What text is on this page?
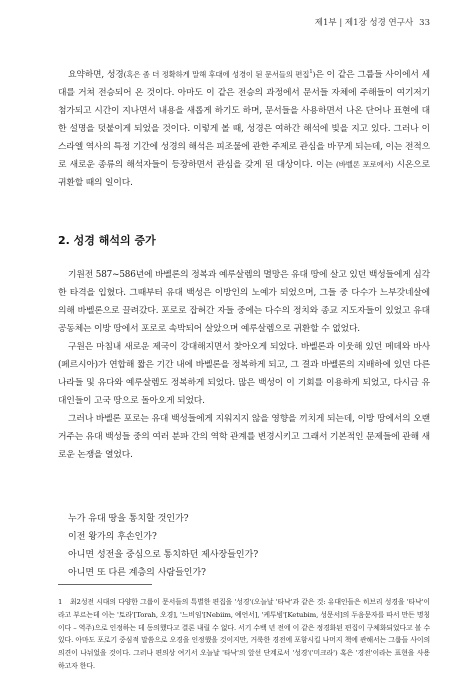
제1부 | 제1장 성경 연구사 33

요약하면, 성경(혹은 좀 더 정확하게 말해 후대에 성경이 된 문서들의 편집$^1$)은 이 같은 그룹들 사이에서 세대를 거쳐 전승되어 온 것이다. 아마도 이 같은 전승의 과정에서 문서들 자체에 주해들이 여기저기 첨가되고 시간이 지나면서 내용을 새롭게 하기도 하며, 문서들을 사용하면서 나온 단어나 표현에 대한 설명을 덧붙이게 되었을 것이다. 이렇게 볼 때, 성경은 여하간 해석에 빚을 지고 있다. 그러나 이스라엘 역사의 특정 기간에 성경의 해석은 피조물에 관한 주제로 관심을 바꾸게 되는데, 이는 전적으로 새로운 종류의 해석자들이 등장하면서 관심을 갖게 된 대상이다. 이는 (바벨론 포로에서) 시온으로 귀환할 때의 일이다.

2. 성경 해석의 증가

기원전 587~586년에 바벨론의 정복과 예루살렘의 멸망은 유대 땅에 살고 있던 백성들에게 심각한 타격을 입혔다. 그때부터 유대 백성은 이방인의 노예가 되었으며, 그들 중 다수가 느부갓네살에 의해 바벨론으로 끌려갔다. 포로로 잡혀간 자들 중에는 다수의 정치와 종교 지도자들이 있었고 유대 공동체는 이방 땅에서 포로로 속박되어 살았으며 예루살렘으로 귀환할 수 없었다.

구원은 마침내 새로운 제국이 강대해지면서 찾아오게 되었다. 바벨론과 이웃해 있던 메데와 바사(페르시아)가 연합해 짧은 기간 내에 바벨론을 정복하게 되고, 그 결과 바벨론의 지배하에 있던 다른 나라들 및 유다와 예루살렘도 정복하게 되었다. 많은 백성이 이 기회를 이용하게 되었고, 다시금 유대인들이 고국 땅으로 돌아오게 되었다.

그러나 바벨론 포로는 유대 백성들에게 지워지지 않을 영향을 끼치게 되는데, 이방 땅에서의 오랜 거주는 유대 백성들 중의 여러 분파 간의 역학 관계를 변경시키고 그래서 기본적인 문제들에 관해 새로운 논쟁을 열었다.

누가 유대 땅을 통치할 것인가?
이전 왕가의 후손인가?
아니면 성전을 중심으로 통치하던 제사장들인가?
아니면 또 다른 계층의 사람들인가?
1	최2성전 시대의 다양한 그룹이 문서들의 특별한 편집을 '성경'(오늘날 '타낙'과 같은 것: 유대인들은 히브리 성경을 '타낙'이라고 부르는데 이는 '토라'[Torah, 오경], '느비임'[Nebiim, 예언서], '케투빔'[Ketubim, 성문서]의 두음문자를 따서 만든 명칭이다 – 역주)으로 인정하는 데 동의했다고 결론 내릴 수 없다. 서기 수백 년 전에 이 같은 정경화된 편집이 구체화되었다고 볼 수 있다. 아마도 포로기 중심적 말씀으로 오경을 인정했을 것이지만, 거룩한 경전에 포함시킬 나머지 책에 관해서는 그룹들 사이의 의견이 나뉘었을 것이다. 그러나 편의상 여기서 오늘날 '타낙'의 앞선 단계로서 '성경'('미크라') 혹은 '경전'이라는 표현을 사용하고자 한다.
